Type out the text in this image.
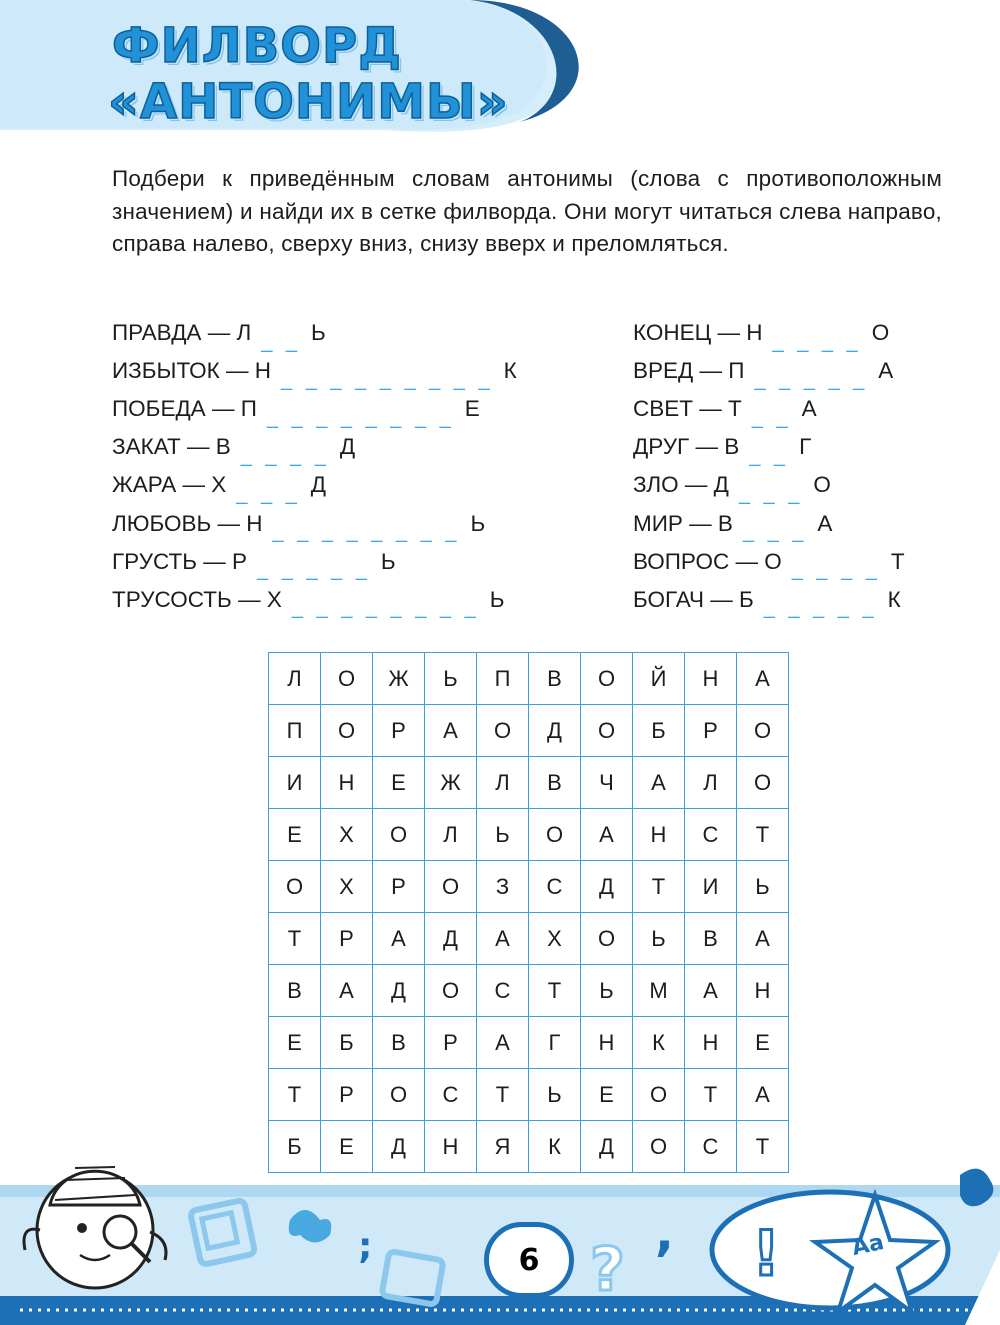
;	?
, !
ФИЛВОРД
«АНТОНИМЫ»

Подбери к приведённым словам антонимы (слова с противоположным значением) и найди их в сетке филворда. Они могут читаться слева направо, справа налево, сверху вниз, снизу вверх и преломляться.

ПРАВДА — Л _ _ Ь
ИЗБЫТОК — Н _ _ _ _ _ _ _ _ _ К
ПОБЕДА — П _ _ _ _ _ _ _ _ Е
ЗАКАТ — В _ _ _ _ Д
ЖАРА — Х _ _ _ Д
ЛЮБОВЬ — Н _ _ _ _ _ _ _ _ Ь
ГРУСТЬ — Р _ _ _ _ _ Ь
ТРУСОСТЬ — Х _ _ _ _ _ _ _ _ Ь
КОНЕЦ — Н _ _ _ _ О
ВРЕД — П _ _ _ _ _ А
СВЕТ — Т _ _ А
ДРУГ — В _ _ Г
ЗЛО — Д _ _ _ О
МИР — В _ _ _ А
ВОПРОС — О _ _ _ _ Т
БОГАЧ — Б _ _ _ _ _ К
Л	О	Ж	Ь	П	В	О	Й	Н	А
П	О	Р	А	О	Д	О	Б	Р	О
И	Н	Е	Ж	Л	В	Ч	А	Л	О
Е	Х	О	Л	Ь	О	А	Н	С	Т
О	Х	Р	О	З	С	Д	Т	И	Ь
Т	Р	А	Д	А	Х	О	Ь	В	А
В	А	Д	О	С	Т	Ь	М	А	Н
Е	Б	В	Р	А	Г	Н	К	Н	Е
Т	Р	О	С	Т	Ь	Е	О	Т	А
Б	Е	Д	Н	Я	К	Д	О	С	Т
6	Аа
